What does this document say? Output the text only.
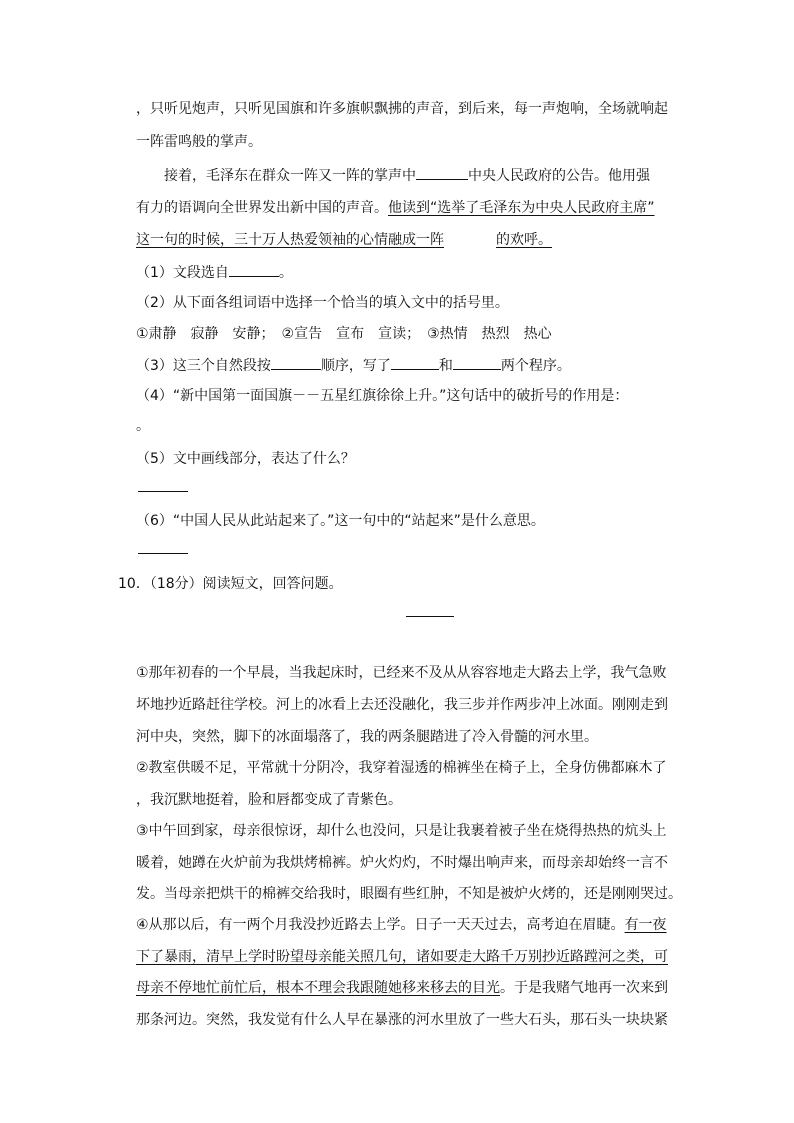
，只听见炮声，只听见国旗和许多旗帜飘拂的声音，到后来，每一声炮响，全场就响起
一阵雷鸣般的掌声。
接着，毛泽东在群众一阵又一阵的掌声中	中央人民政府的公告。他用强
有力的语调向全世界发出新中国的声音。他读到“选举了毛泽东为中央人民政府主席”
这一句的时候，三十万人热爱领袖的心情融成一阵	的欢呼。
（1）文段选自	。
（2）从下面各组词语中选择一个恰当的填入文中的括号里。
①肃静　寂静　安静；　②宣告　宣布　宣读；　③热情　热烈　热心
（3）这三个自然段按	顺序，写了	和	两个程序。
（4）“新中国第一面国旗－－五星红旗徐徐上升。”这句话中的破折号的作用是：
。
（5）文中画线部分，表达了什么？
（6）“中国人民从此站起来了。”这一句中的“站起来”是什么意思。
10．（18分）阅读短文，回答问题。
①那年初春的一个早晨，当我起床时，已经来不及从从容容地走大路去上学，我气急败
坏地抄近路赶往学校。河上的冰看上去还没融化，我三步并作两步冲上冰面。刚刚走到
河中央，突然，脚下的冰面塌落了，我的两条腿踏进了冷入骨髓的河水里。
②教室供暖不足，平常就十分阴冷，我穿着湿透的棉裤坐在椅子上，全身仿佛都麻木了
，我沉默地挺着，脸和唇都变成了青紫色。
③中午回到家，母亲很惊讶，却什么也没问，只是让我裹着被子坐在烧得热热的炕头上
暖着，她蹲在火炉前为我烘烤棉裤。炉火灼灼，不时爆出响声来，而母亲却始终一言不
发。当母亲把烘干的棉裤交给我时，眼圈有些红肿，不知是被炉火烤的，还是刚刚哭过。
④从那以后，有一两个月我没抄近路去上学。日子一天天过去，高考迫在眉睫。有一夜
下了暴雨，清早上学时盼望母亲能关照几句，诸如要走大路千万别抄近路蹚河之类，可
母亲不停地忙前忙后，根本不理会我跟随她移来移去的目光。于是我赌气地再一次来到
那条河边。突然，我发觉有什么人早在暴涨的河水里放了一些大石头，那石头一块块紧
